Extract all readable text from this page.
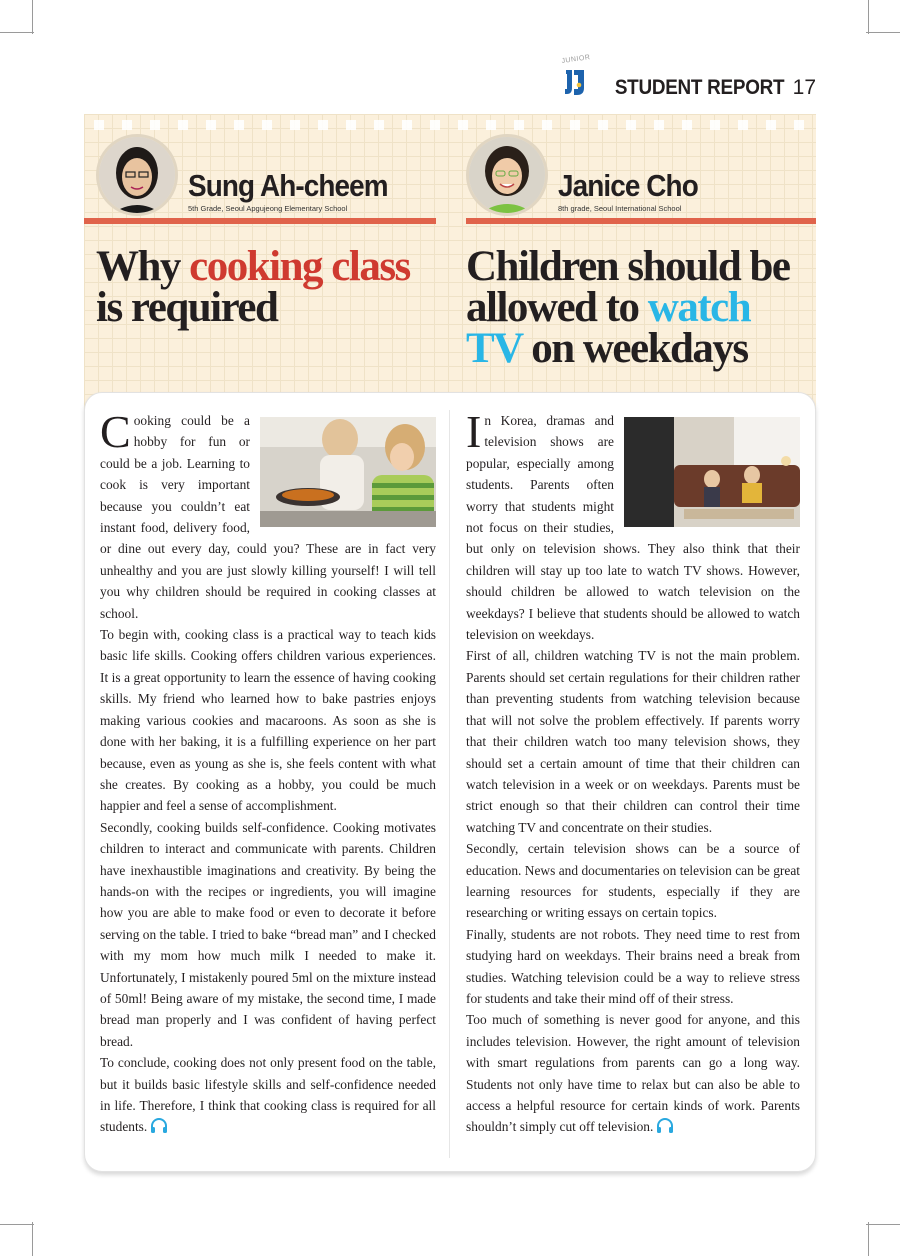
JUNIOR
STUDENT REPORT 17
Sung Ah-cheem
5th Grade, Seoul Apgujeong Elementary School
Janice Cho
8th grade, Seoul International School
Why cooking class
is required
Children should be allowed to watch TV on weekdays

Cooking could be a hobby for fun or could be a job. Learning to cook is very important because you couldn’t eat instant food, delivery food, or dine out every day, could you? These are in fact very unhealthy and you are just slowly killing yourself! I will tell you why children should be required in cooking classes at school.

To begin with, cooking class is a practical way to teach kids basic life skills. Cooking offers children various experiences. It is a great opportunity to learn the essence of having cooking skills. My friend who learned how to bake pastries enjoys making various cookies and macaroons. As soon as she is done with her baking, it is a fulfilling experience on her part because, even as young as she is, she feels content with what she creates. By cooking as a hobby, you could be much happier and feel a sense of accomplishment.

Secondly, cooking builds self-confidence. Cooking motivates children to interact and communicate with parents. Children have inexhaustible imaginations and creativity. By being the hands-on with the recipes or ingredients, you will imagine how you are able to make food or even to decorate it before serving on the table. I tried to bake “bread man” and I checked with my mom how much milk I needed to make it. Unfortunately, I mistakenly poured 5ml on the mixture instead of 50ml! Being aware of my mistake, the second time, I made bread man properly and I was confident of having perfect bread.

To conclude, cooking does not only present food on the table, but it builds basic lifestyle skills and self-confidence needed in life. Therefore, I think that cooking class is required for all students.

In Korea, dramas and television shows are popular, especially among students. Parents often worry that students might not focus on their studies, but only on television shows. They also think that their children will stay up too late to watch TV shows. However, should children be allowed to watch television on the weekdays? I believe that students should be allowed to watch television on weekdays.

First of all, children watching TV is not the main problem. Parents should set certain regulations for their children rather than preventing students from watching television because that will not solve the problem effectively. If parents worry that their children watch too many television shows, they should set a certain amount of time that their children can watch television in a week or on weekdays. Parents must be strict enough so that their children can control their time watching TV and concentrate on their studies.

Secondly, certain television shows can be a source of education. News and documentaries on television can be great learning resources for students, especially if they are researching or writing essays on certain topics.

Finally, students are not robots. They need time to rest from studying hard on weekdays. Their brains need a break from studies. Watching television could be a way to relieve stress for students and take their mind off of their stress.

Too much of something is never good for anyone, and this includes television. However, the right amount of television with smart regulations from parents can go a long way. Students not only have time to relax but can also be able to access a helpful resource for certain kinds of work. Parents shouldn’t simply cut off television.
